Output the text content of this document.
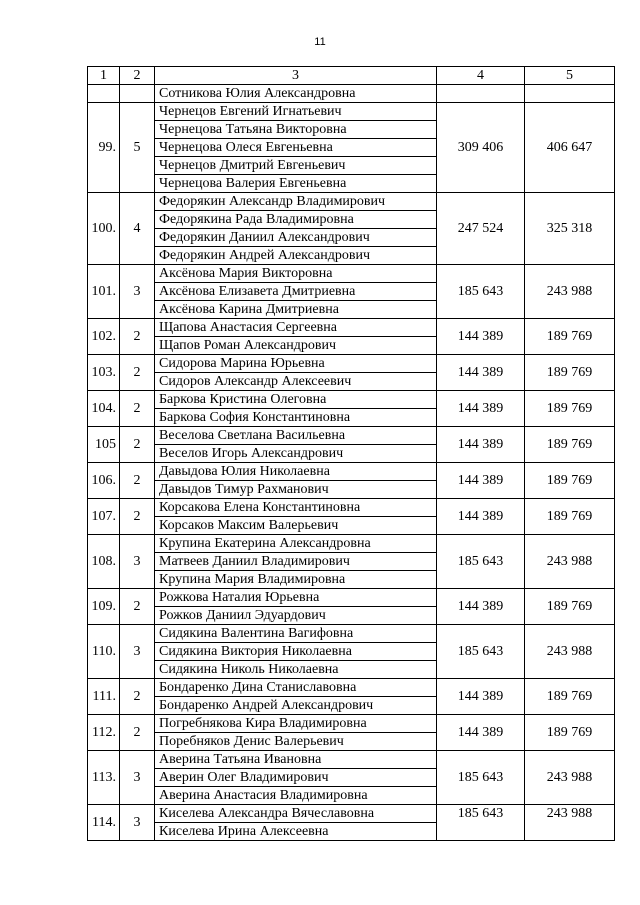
11
1	2	3	4	5
		Сотникова Юлия Александровна		
99.	5	Чернецов Евгений Игнатьевич	309 406	406 647
		Чернецова Татьяна Викторовна		
		Чернецова Олеся Евгеньевна		
		Чернецов Дмитрий Евгеньевич		
		Чернецова Валерия Евгеньевна		
100.	4	Федорякин Александр Владимирович	247 524	325 318
		Федорякина Рада Владимировна		
		Федорякин Даниил Александрович		
		Федорякин Андрей Александрович		
101.	3	Аксёнова Мария Викторовна	185 643	243 988
		Аксёнова Елизавета Дмитриевна		
		Аксёнова Карина Дмитриевна		
102.	2	Щапова Анастасия Сергеевна	144 389	189 769
		Щапов Роман Александрович		
103.	2	Сидорова Марина Юрьевна	144 389	189 769
		Сидоров Александр Алексеевич		
104.	2	Баркова Кристина Олеговна	144 389	189 769
		Баркова София Константиновна		
105	2	Веселова Светлана Васильевна	144 389	189 769
		Веселов Игорь Александрович		
106.	2	Давыдова Юлия Николаевна	144 389	189 769
		Давыдов Тимур Рахманович		
107.	2	Корсакова Елена Константиновна	144 389	189 769
		Корсаков Максим Валерьевич		
108.	3	Крупина Екатерина Александровна	185 643	243 988
		Матвеев Даниил Владимирович		
		Крупина Мария Владимировна		
109.	2	Рожкова Наталия Юрьевна	144 389	189 769
		Рожков Даниил Эдуардович		
110.	3	Сидякина Валентина Вагифовна	185 643	243 988
		Сидякина Виктория Николаевна		
		Сидякина Николь Николаевна		
111.	2	Бондаренко Дина Станиславовна	144 389	189 769
		Бондаренко Андрей Александрович		
112.	2	Погребнякова Кира Владимировна	144 389	189 769
		Поребняков Денис Валерьевич		
113.	3	Аверина Татьяна Ивановна	185 643	243 988
		Аверин Олег Владимирович		
		Аверина Анастасия Владимировна		
114.	3	Киселева Александра Вячеславовна	185 643	243 988
		Киселева Ирина Алексеевна		
